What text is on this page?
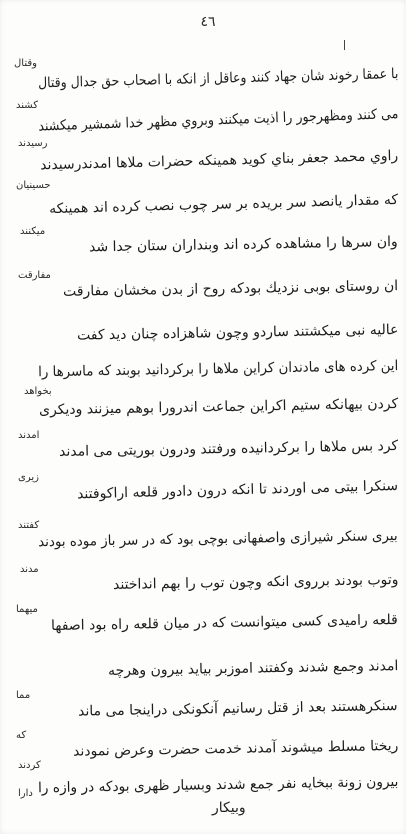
٤٦
با عمقا رخوند شان جهاد كنند وعاقل از انكه با اصحاب حق جدال وقتال
مى كنند ومظهرجور را اذيت ميكنند وبروي مظهر خدا شمشير ميكشند
راوي محمد جعفر بناي كويد همينكه حضرات ملاها امدندرسيدند
كه مقدار يانصد سر بريده بر سر چوب نصب كرده اند همينكه
وان سرها را مشاهده كرده اند وبنداران ستان جدا شد
ان روستاى بوبى نزديك بودكه روح از بدن مخشان مفارقت
عاليه نبى ميكشتند ساردو وچون شاهزاده چنان ديد كفت
اين كرده هاى مادندان كراين ملاها را بركردانيد بوبند كه ماسرها را
كردن بيهانكه ستيم اكراين جماعت اندرورا بوهم ميزنند وديكرى
كرد بس ملاها را بركردانيده ورفتند ودرون بوريتى مى امدند
سنكرا بيتى مى اوردند تا انكه درون دادور قلعه اراكوفتند
بيرى سنكر شيرازى واصفهانى بوچى بود كه در سر باز موده بودند
وتوب بودند برروى انكه وچون توب را بهم انداختند
قلعه راميدى كسى ميتوانست كه در ميان قلعه راه بود اصفها
امدند وجمع شدند وكفتند اموزبر بيايد بيرون وهرچه
سنكرهستند بعد از قتل رسانيم آنكونكى دراينجا مى ماند
ريختا مسلط ميشوند آمدند خدمت حضرت وعرض نمودند
بيرون زونة ببخايه نفر جمع شدند وبسيار ظهرى بودكه در وازه را
وقتال
كشند
رسيدند
حسينيان
ميكنند
مفارقت
بخواهد
امدند
زيرى
كفتند
مدند
ميهما
مما
كه
كردند
دارا
وبيكار
